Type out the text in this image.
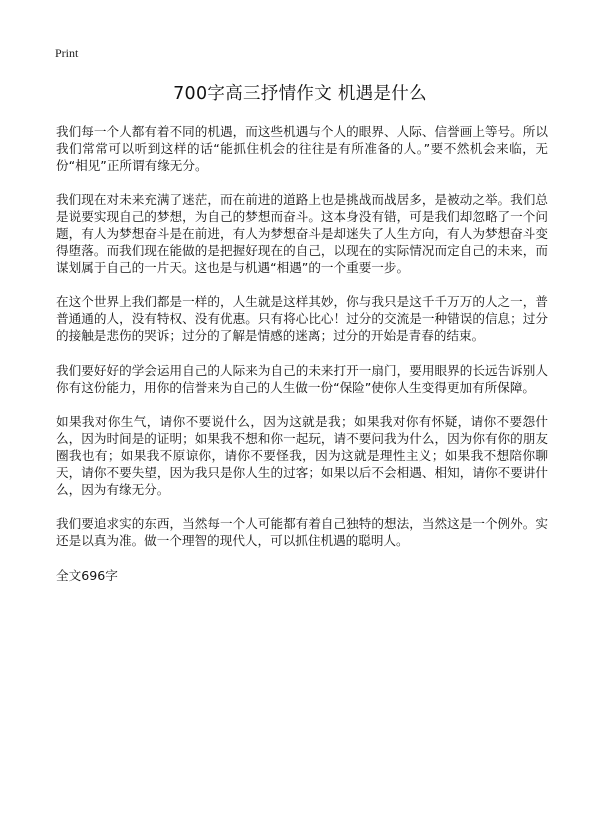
Print
700字高三抒情作文 机遇是什么

我们每一个人都有着不同的机遇，而这些机遇与个人的眼界、人际、信誉画上等号。所以我们常常可以听到这样的话“能抓住机会的往往是有所准备的人。”要不然机会来临，无份“相见”正所谓有缘无分。

我们现在对未来充满了迷茫，而在前进的道路上也是挑战而战居多，是被动之举。我们总是说要实现自己的梦想，为自己的梦想而奋斗。这本身没有错，可是我们却忽略了一个问题，有人为梦想奋斗是在前进，有人为梦想奋斗是却迷失了人生方向，有人为梦想奋斗变得堕落。而我们现在能做的是把握好现在的自己，以现在的实际情况而定自己的未来，而谋划属于自己的一片天。这也是与机遇“相遇”的一个重要一步。

在这个世界上我们都是一样的，人生就是这样其妙，你与我只是这千千万万的人之一，普普通通的人，没有特权、没有优惠。只有将心比心！过分的交流是一种错误的信息；过分的接触是悲伤的哭诉；过分的了解是情感的迷离；过分的开始是青春的结束。

我们要好好的学会运用自己的人际来为自己的未来打开一扇门，要用眼界的长远告诉别人你有这份能力，用你的信誉来为自己的人生做一份“保险”使你人生变得更加有所保障。

如果我对你生气，请你不要说什么，因为这就是我；如果我对你有怀疑，请你不要怨什么，因为时间是的证明；如果我不想和你一起玩，请不要问我为什么，因为你有你的朋友圈我也有；如果我不原谅你，请你不要怪我，因为这就是理性主义；如果我不想陪你聊天，请你不要失望，因为我只是你人生的过客；如果以后不会相遇、相知，请你不要讲什么，因为有缘无分。

我们要追求实的东西，当然每一个人可能都有着自己独特的想法，当然这是一个例外。实还是以真为准。做一个理智的现代人，可以抓住机遇的聪明人。

全文696字
